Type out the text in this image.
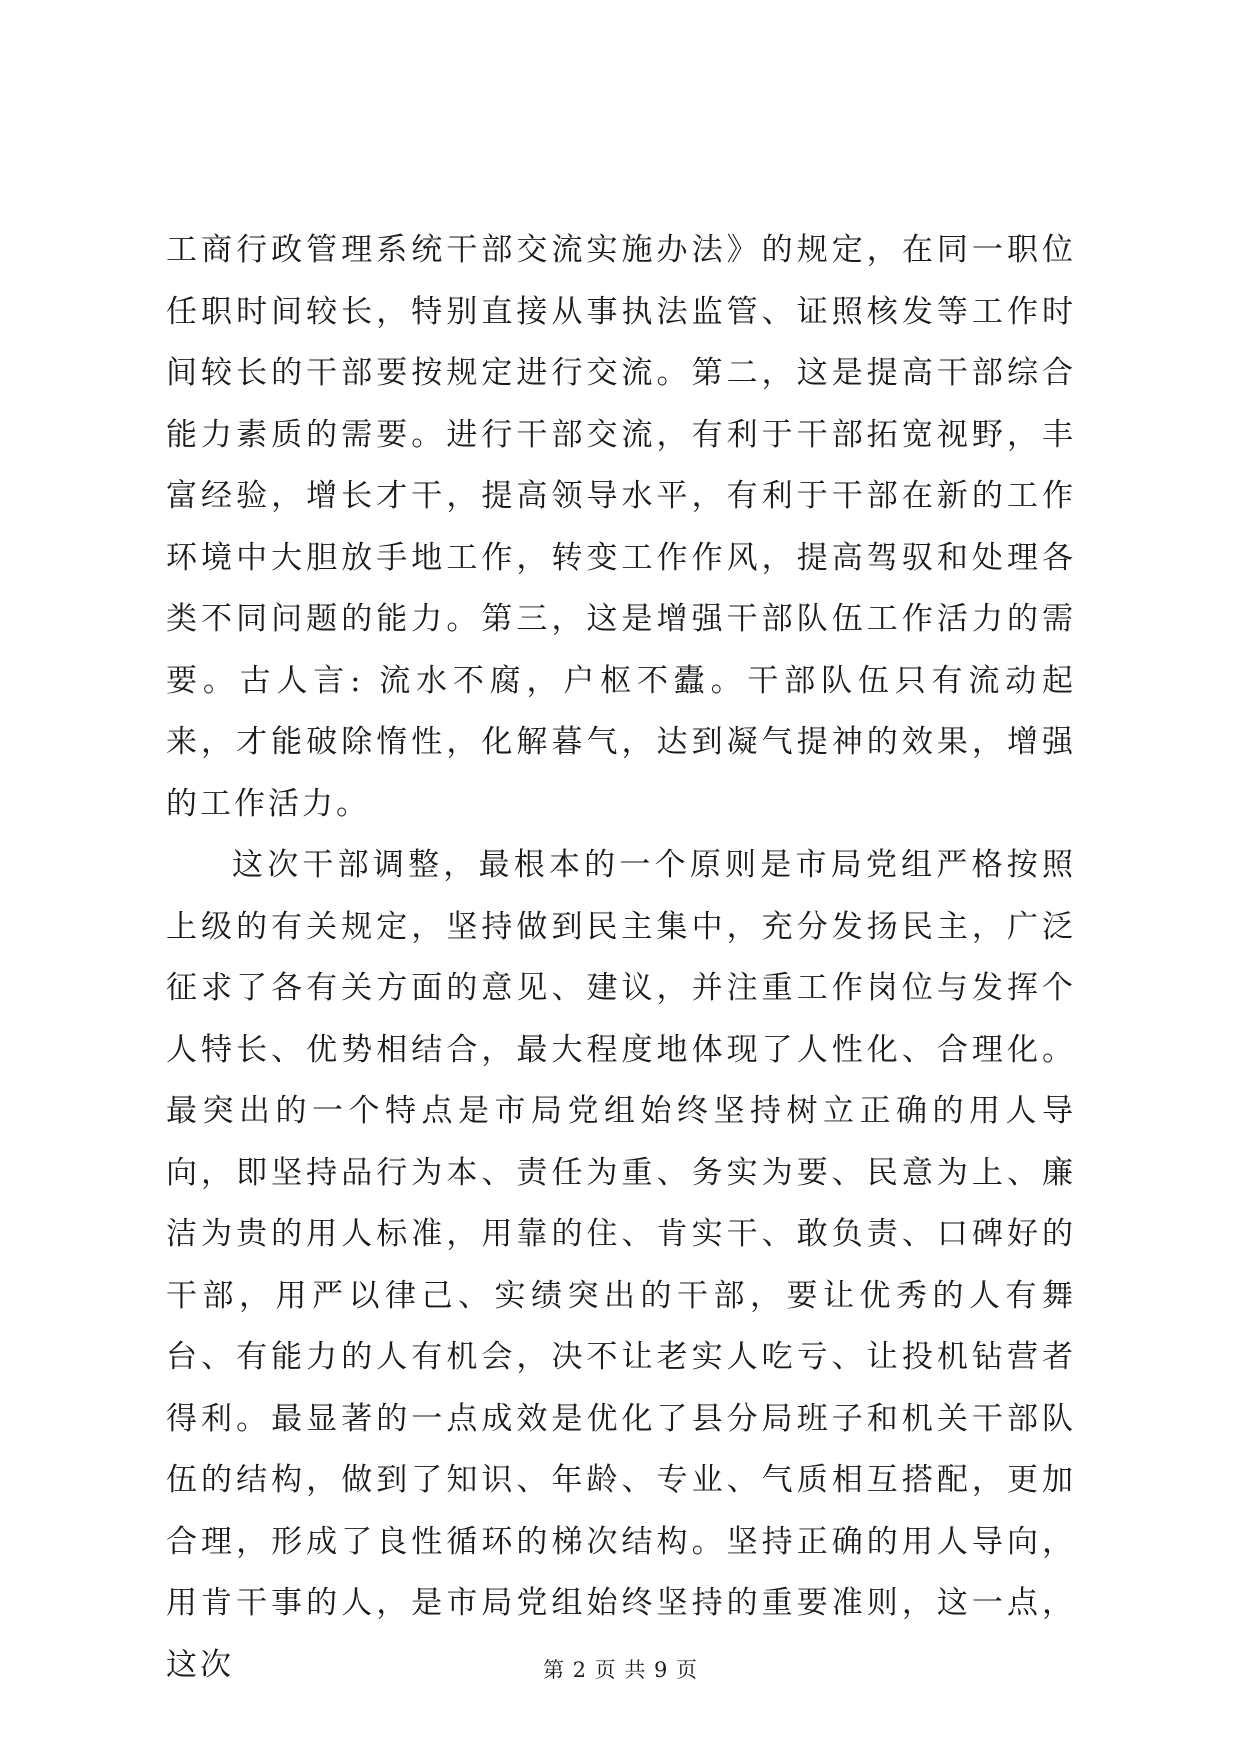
工商行政管理系统干部交流实施办法》的规定，在同一职位任职时间较长，特别直接从事执法监管、证照核发等工作时间较长的干部要按规定进行交流。第二，这是提高干部综合能力素质的需要。进行干部交流，有利于干部拓宽视野，丰富经验，增长才干，提高领导水平，有利于干部在新的工作环境中大胆放手地工作，转变工作作风，提高驾驭和处理各类不同问题的能力。第三，这是增强干部队伍工作活力的需要。古人言: 流水不腐，户枢不蠹。干部队伍只有流动起来，才能破除惰性，化解暮气，达到凝气提神的效果，增强的工作活力。

这次干部调整，最根本的一个原则是市局党组严格按照上级的有关规定，坚持做到民主集中，充分发扬民主，广泛征求了各有关方面的意见、建议，并注重工作岗位与发挥个人特长、优势相结合，最大程度地体现了人性化、合理化。最突出的一个特点是市局党组始终坚持树立正确的用人导向，即坚持品行为本、责任为重、务实为要、民意为上、廉洁为贵的用人标准，用靠的住、肯实干、敢负责、口碑好的干部，用严以律己、实绩突出的干部，要让优秀的人有舞台、有能力的人有机会，决不让老实人吃亏、让投机钻营者得利。最显著的一点成效是优化了县分局班子和机关干部队伍的结构，做到了知识、年龄、专业、气质相互搭配，更加合理，形成了良性循环的梯次结构。坚持正确的用人导向，用肯干事的人，是市局党组始终坚持的重要准则，这一点，这次	第 2 页 共 9 页
